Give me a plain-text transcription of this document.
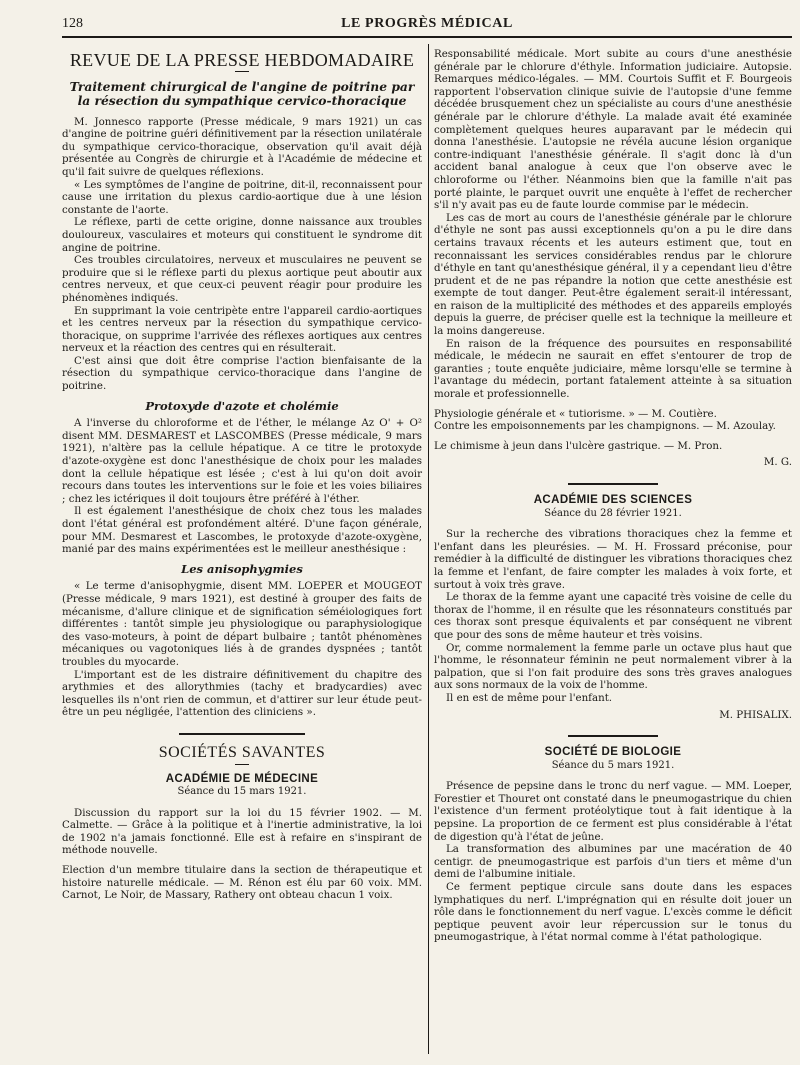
128	LE PROGRÈS MÉDICAL
REVUE DE LA PRESSE HEBDOMADAIRE
Traitement chirurgical de l'angine de poitrine par la résection du sympathique cervico-thoracique

M. Jonnesco rapporte (Presse médicale, 9 mars 1921) un cas d'angine de poitrine guéri définitivement par la résection unilatérale du sympathique cervico-thoracique, observation qu'il avait déjà présentée au Congrès de chirurgie et à l'Académie de médecine et qu'il fait suivre de quelques réflexions.

« Les symptômes de l'angine de poitrine, dit-il, reconnaissent pour cause une irritation du plexus cardio-aortique due à une lésion constante de l'aorte.

Le réflexe, parti de cette origine, donne naissance aux troubles douloureux, vasculaires et moteurs qui constituent le syndrome dit angine de poitrine.

Ces troubles circulatoires, nerveux et musculaires ne peuvent se produire que si le réflexe parti du plexus aortique peut aboutir aux centres nerveux, et que ceux-ci peuvent réagir pour produire les phénomènes indiqués.

En supprimant la voie centripète entre l'appareil cardio-aortiques et les centres nerveux par la résection du sympathique cervico-thoracique, on supprime l'arrivée des réflexes aortiques aux centres nerveux et la réaction des centres qui en résulterait.

C'est ainsi que doit être comprise l'action bienfaisante de la résection du sympathique cervico-thoracique dans l'angine de poitrine.

Protoxyde d'azote et cholémie

A l'inverse du chloroforme et de l'éther, le mélange Az O' + O² disent MM. DESMAREST et LASCOMBES (Presse médicale, 9 mars 1921), n'altère pas la cellule hépatique. A ce titre le protoxyde d'azote-oxygène est donc l'anesthésique de choix pour les malades dont la cellule hépatique est lésée ; c'est à lui qu'on doit avoir recours dans toutes les interventions sur le foie et les voies biliaires ; chez les ictériques il doit toujours être préféré à l'éther.

Il est également l'anesthésique de choix chez tous les malades dont l'état général est profondément altéré. D'une façon générale, pour MM. Desmarest et Lascombes, le protoxyde d'azote-oxygène, manié par des mains expérimentées est le meilleur anesthésique :

Les anisophygmies

« Le terme d'anisophygmie, disent MM. LOEPER et MOUGEOT (Presse médicale, 9 mars 1921), est destiné à grouper des faits de mécanisme, d'allure clinique et de signification séméiologiques fort différentes : tantôt simple jeu physiologique ou paraphysiologique des vaso-moteurs, à point de départ bulbaire ; tantôt phénomènes mécaniques ou vagotoniques liés à de grandes dyspnées ; tantôt troubles du myocarde.

L'important est de les distraire définitivement du chapitre des arythmies et des allorythmies (tachy et bradycardies) avec lesquelles ils n'ont rien de commun, et d'attirer sur leur étude peut-être un peu négligée, l'attention des cliniciens ».

SOCIÉTÉS SAVANTES
ACADÉMIE DE MÉDECINE
Séance du 15 mars 1921.

Discussion du rapport sur la loi du 15 février 1902. — M. Calmette. — Grâce à la politique et à l'inertie administrative, la loi de 1902 n'a jamais fonctionné. Elle est à refaire en s'inspirant de méthode nouvelle.

Election d'un membre titulaire dans la section de thérapeutique et histoire naturelle médicale. — M. Rénon est élu par 60 voix. MM. Carnot, Le Noir, de Massary, Rathery ont obteau chacun 1 voix.

Responsabilité médicale. Mort subite au cours d'une anesthésie générale par le chlorure d'éthyle. Information judiciaire. Autopsie. Remarques médico-légales. — MM. Courtois Suffit et F. Bourgeois rapportent l'observation clinique suivie de l'autopsie d'une femme décédée brusquement chez un spécialiste au cours d'une anesthésie générale par le chlorure d'éthyle. La malade avait été examinée complètement quelques heures auparavant par le médecin qui donna l'anesthésie. L'autopsie ne révéla aucune lésion organique contre-indiquant l'anesthésie générale. Il s'agit donc là d'un accident banal analogue à ceux que l'on observe avec le chloroforme ou l'éther. Néanmoins bien que la famille n'ait pas porté plainte, le parquet ouvrit une enquête à l'effet de rechercher s'il n'y avait pas eu de faute lourde commise par le médecin.

Les cas de mort au cours de l'anesthésie générale par le chlorure d'éthyle ne sont pas aussi exceptionnels qu'on a pu le dire dans certains travaux récents et les auteurs estiment que, tout en reconnaissant les services considérables rendus par le chlorure d'éthyle en tant qu'anesthésique général, il y a cependant lieu d'être prudent et de ne pas répandre la notion que cette anesthésie est exempte de tout danger. Peut-être également serait-il intéressant, en raison de la multiplicité des méthodes et des appareils employés depuis la guerre, de préciser quelle est la technique la meilleure et la moins dangereuse.

En raison de la fréquence des poursuites en responsabilité médicale, le médecin ne saurait en effet s'entourer de trop de garanties ; toute enquête judiciaire, même lorsqu'elle se termine à l'avantage du médecin, portant fatalement atteinte à sa situation morale et professionnelle.

Physiologie générale et « tutiorisme. » — M. Coutière.

Contre les empoisonnements par les champignons. — M. Azoulay.

Le chimisme à jeun dans l'ulcère gastrique. — M. Pron.

M. G.
ACADÉMIE DES SCIENCES
Séance du 28 février 1921.

Sur la recherche des vibrations thoraciques chez la femme et l'enfant dans les pleurésies. — M. H. Frossard préconise, pour remédier à la difficulté de distinguer les vibrations thoraciques chez la femme et l'enfant, de faire compter les malades à voix forte, et surtout à voix très grave.

Le thorax de la femme ayant une capacité très voisine de celle du thorax de l'homme, il en résulte que les résonnateurs constitués par ces thorax sont presque équivalents et par conséquent ne vibrent que pour des sons de même hauteur et très voisins.

Or, comme normalement la femme parle un octave plus haut que l'homme, le résonnateur féminin ne peut normalement vibrer à la palpation, que si l'on fait produire des sons très graves analogues aux sons normaux de la voix de l'homme.

Il en est de même pour l'enfant.

M. PHISALIX.
SOCIÉTÉ DE BIOLOGIE
Séance du 5 mars 1921.

Présence de pepsine dans le tronc du nerf vague. — MM. Loeper, Forestier et Thouret ont constaté dans le pneumogastrique du chien l'existence d'un ferment protéolytique tout à fait identique à la pepsine. La proportion de ce ferment est plus considérable à l'état de digestion qu'à l'état de jeûne.

La transformation des albumines par une macération de 40 centigr. de pneumogastrique est parfois d'un tiers et même d'un demi de l'albumine initiale.

Ce ferment peptique circule sans doute dans les espaces lymphatiques du nerf. L'imprégnation qui en résulte doit jouer un rôle dans le fonctionnement du nerf vague. L'excès comme le déficit peptique peuvent avoir leur répercussion sur le tonus du pneumogastrique, à l'état normal comme à l'état pathologique.
